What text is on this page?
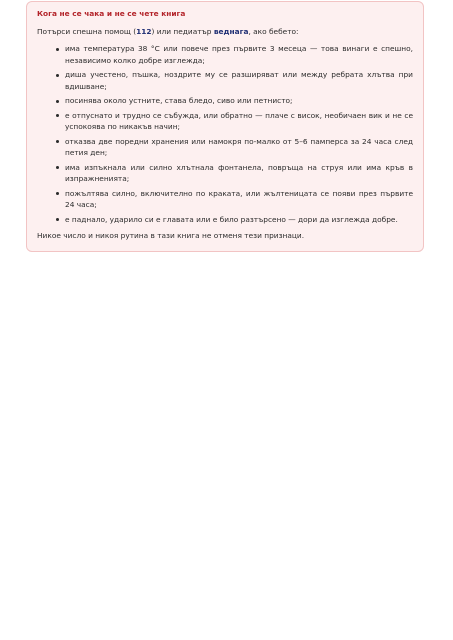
Кога не се чака и не се чете книга

Потърси спешна помощ (112) или педиатър веднага, ако бебето:

има температура 38 °C или повече през първите 3 месеца — това винаги е спешно, независимо колко добре изглежда;
диша учестено, пъшка, ноздрите му се разширяват или между ребрата хлътва при вдишване;
посинява около устните, става бледо, сиво или петнисто;
е отпуснато и трудно се събужда, или обратно — плаче с висок, необичаен вик и не се успокоява по никакъв начин;
отказва две поредни хранения или намокря по-малко от 5–6 памперса за 24 часа след петия ден;
има изпъкнала или силно хлътнала фонтанела, повръща на струя или има кръв в изпражненията;
пожълтява силно, включително по краката, или жълтеницата се появи през първите 24 часа;
е паднало, ударило си е главата или е било разтърсено — дори да изглежда добре.

Никое число и никоя рутина в тази книга не отменя тези признаци.
